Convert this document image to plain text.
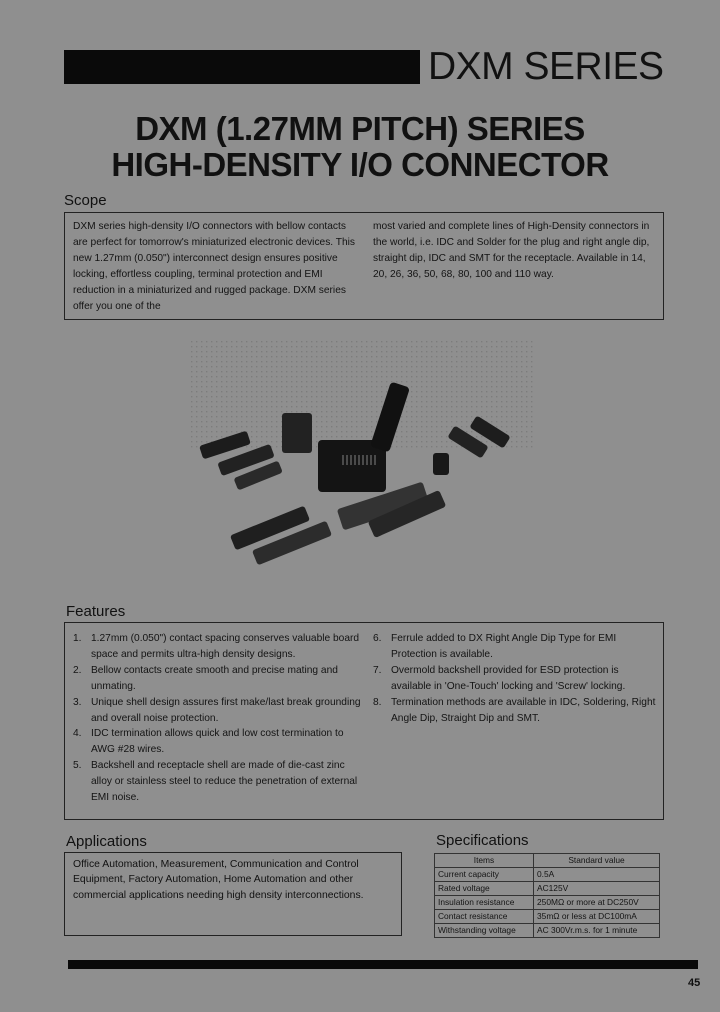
DXM SERIES
DXM (1.27MM PITCH) SERIES
HIGH-DENSITY I/O CONNECTOR
Scope
DXM series high-density I/O connectors with bellow contacts are perfect for tomorrow's miniaturized electronic devices. This new 1.27mm (0.050") interconnect design ensures positive locking, effortless coupling, terminal protection and EMI reduction in a miniaturized and rugged package. DXM series offer you one of the
most varied and complete lines of High-Density connectors in the world, i.e. IDC and Solder for the plug and right angle dip, straight dip, IDC and SMT for the receptacle. Available in 14, 20, 26, 36, 50, 68, 80, 100 and 110 way.
Features
1. 1.27mm (0.050") contact spacing conserves valuable board space and permits ultra-high density designs.
2. Bellow contacts create smooth and precise mating and unmating.
3. Unique shell design assures first make/last break grounding and overall noise protection.
4. IDC termination allows quick and low cost termination to AWG #28 wires.
5. Backshell and receptacle shell are made of die-cast zinc alloy or stainless steel to reduce the penetration of external EMI noise.
6. Ferrule added to DX Right Angle Dip Type for EMI Protection is available.
7. Overmold backshell provided for ESD protection is available in 'One-Touch' locking and 'Screw' locking.
8. Termination methods are available in IDC, Soldering, Right Angle Dip, Straight Dip and SMT.
Applications
Office Automation, Measurement, Communication and Control Equipment, Factory Automation, Home Automation and other commercial applications needing high density interconnections.
Specifications
Items	Standard value
Current capacity	0.5A
Rated voltage	AC125V
Insulation resistance	250MΩ or more at DC250V
Contact resistance	35mΩ or less at DC100mA
Withstanding voltage	AC 300Vr.m.s. for 1 minute
45
